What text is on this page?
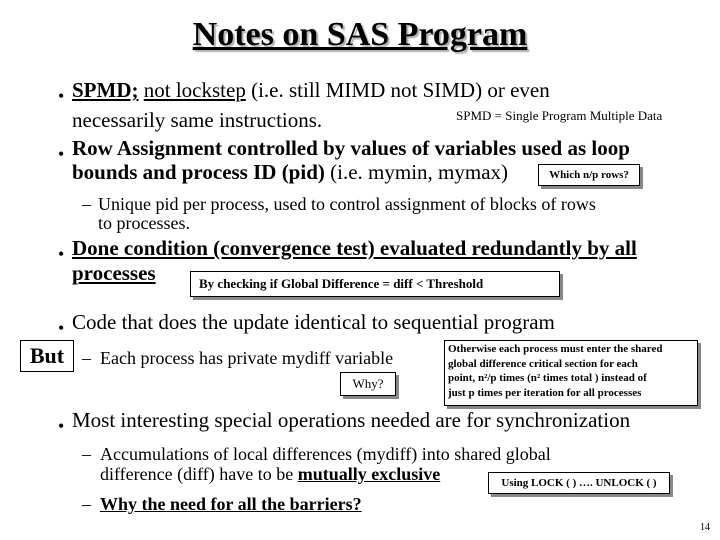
Notes on SAS Program
• SPMD; not lockstep (i.e. still MIMD not SIMD) or even
necessarily same instructions.	SPMD = Single Program Multiple Data
• Row Assignment controlled by values of variables used as loop
bounds and process ID (pid) (i.e. mymin, mymax)	Which n/p rows?
– Unique pid per process, used to control assignment of blocks of rows
to processes.
• Done condition (convergence test) evaluated redundantly by all
processes	By checking if Global Difference = diff < Threshold
• Code that does the update identical to sequential program
But – Each process has private mydiff variable
Why?
Otherwise each process must enter the shared
global difference critical section for each
point, n²/p times (n² times total ) instead of
just p times per iteration for all processes
• Most interesting special operations needed are for synchronization
– Accumulations of local differences (mydiff) into shared global
difference (diff) have to be mutually exclusive	Using LOCK ( ) …. UNLOCK ( )
– Why the need for all the barriers?
14
